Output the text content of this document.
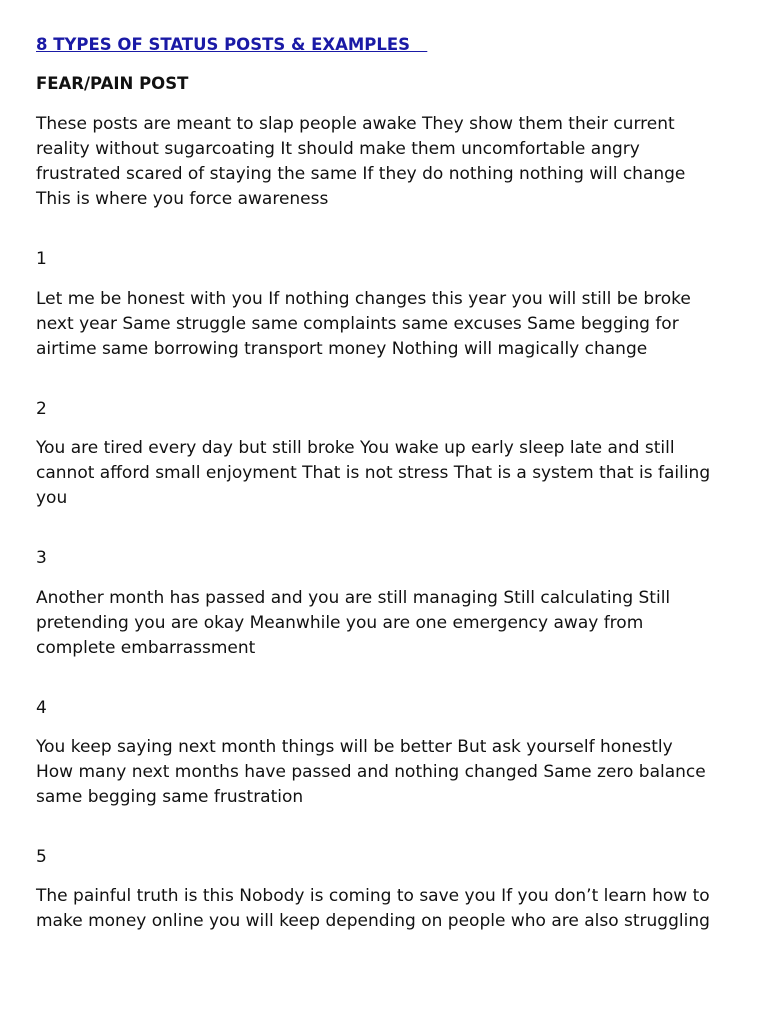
8 TYPES OF STATUS POSTS & EXAMPLES
FEAR/PAIN POST
These posts are meant to slap people awake They show them their current
reality without sugarcoating It should make them uncomfortable angry
frustrated scared of staying the same If they do nothing nothing will change
This is where you force awareness
1
Let me be honest with you If nothing changes this year you will still be broke
next year Same struggle same complaints same excuses Same begging for
airtime same borrowing transport money Nothing will magically change
2
You are tired every day but still broke You wake up early sleep late and still
cannot afford small enjoyment That is not stress That is a system that is failing
you
3
Another month has passed and you are still managing Still calculating Still
pretending you are okay Meanwhile you are one emergency away from
complete embarrassment
4
You keep saying next month things will be better But ask yourself honestly
How many next months have passed and nothing changed Same zero balance
same begging same frustration
5
The painful truth is this Nobody is coming to save you If you don’t learn how to
make money online you will keep depending on people who are also struggling
